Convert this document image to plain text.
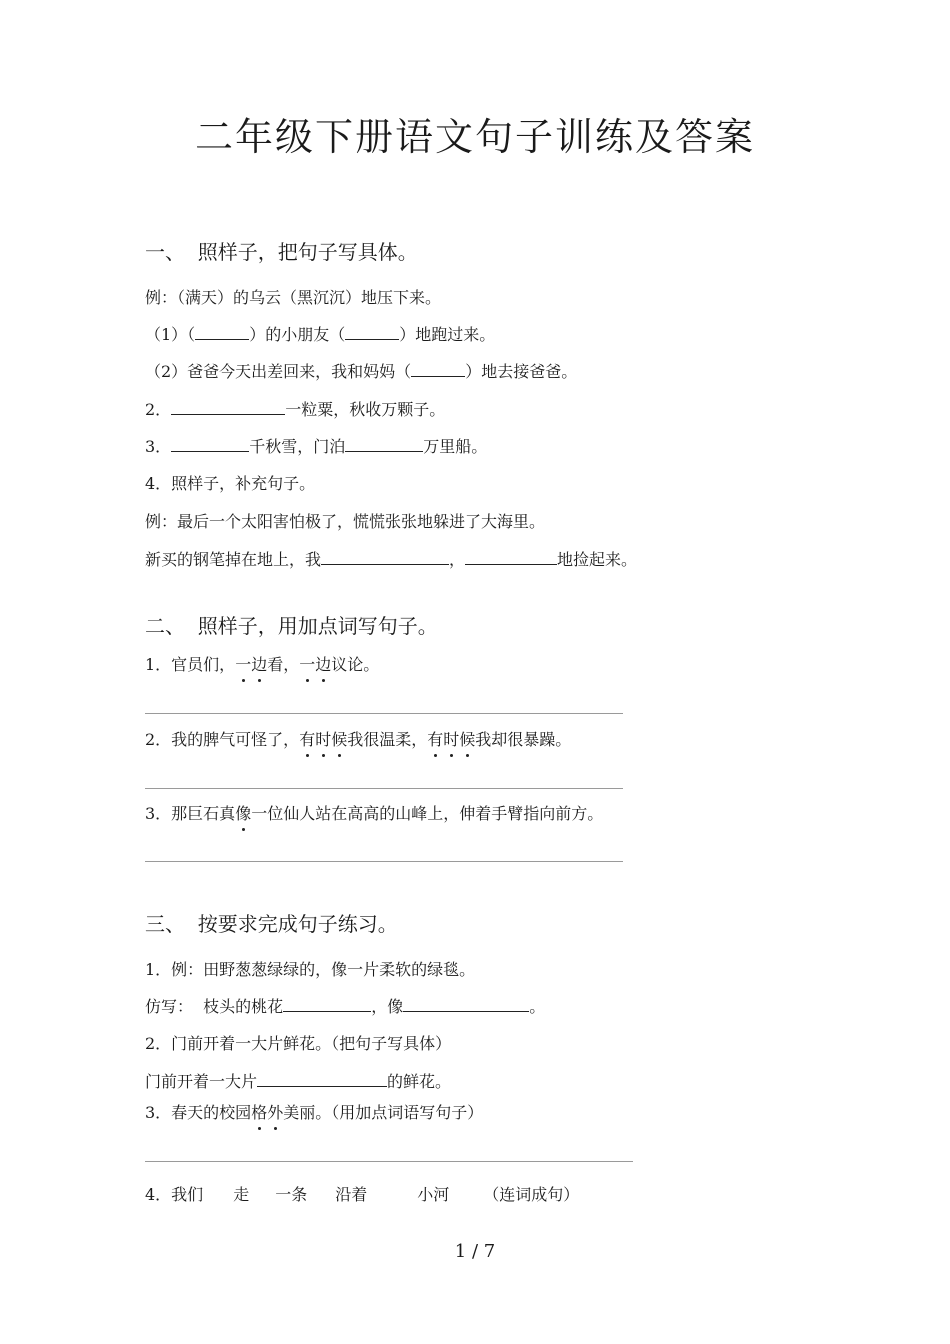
二年级下册语文句子训练及答案
一、  照样子，把句子写具体。
例：（满天）的乌云（黑沉沉）地压下来。
（1）（	）的小朋友（	）地跑过来。
（2）爸爸今天出差回来，我和妈妈（	）地去接爸爸。
2．	一粒粟，秋收万颗子。
3．	千秋雪，门泊	万里船。
4．照样子，补充句子。
例：最后一个太阳害怕极了，慌慌张张地躲进了大海里。
新买的钢笔掉在地上，我	，	地捡起来。
二、  照样子，用加点词写句子。
1．官员们，一边看，一边议论。
2．我的脾气可怪了，有时候我很温柔，有时候我却很暴躁。
3．那巨石真像一位仙人站在高高的山峰上，伸着手臂指向前方。
三、  按要求完成句子练习。
1．例：田野葱葱绿绿的，像一片柔软的绿毯。
仿写：  枝头的桃花	，像	。
2．门前开着一大片鲜花。（把句子写具体）
门前开着一大片	的鲜花。
3．春天的校园格外美丽。（用加点词语写句子）
4．我们 走 一条 沿着	小河 （连词成句）
1 / 7
